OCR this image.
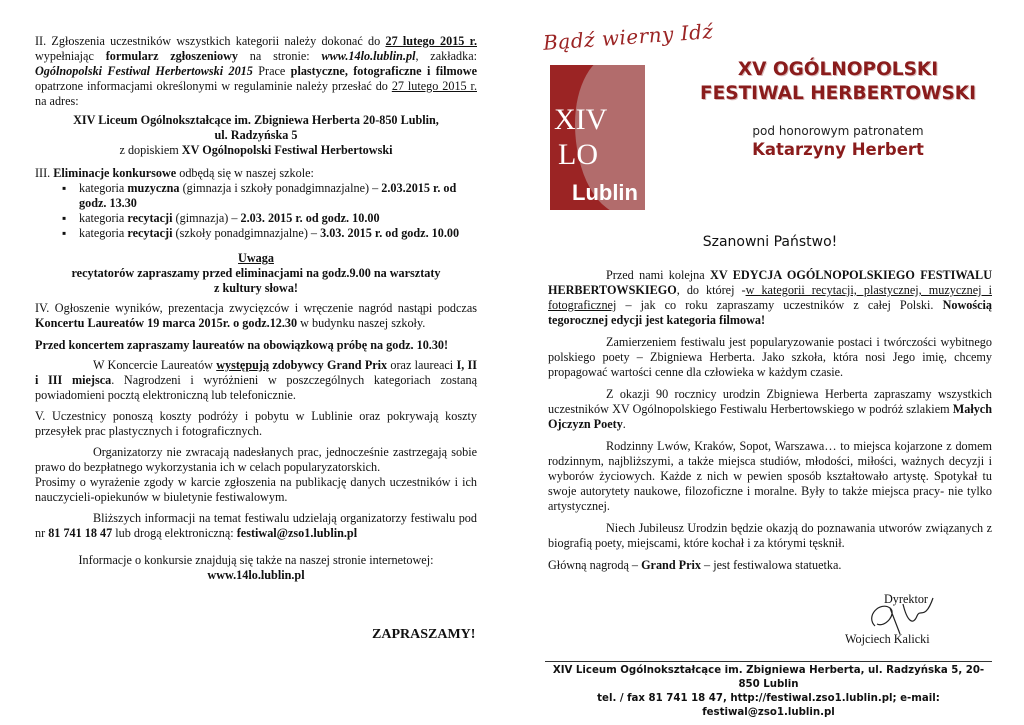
II. Zgłoszenia uczestników wszystkich kategorii należy dokonać do 27 lutego 2015 r. wypełniając formularz zgłoszeniowy na stronie: www.14lo.lublin.pl, zakładka: Ogólnopolski Festiwal Herbertowski 2015 Prace plastyczne, fotograficzne i filmowe opatrzone informacjami określonymi w regulaminie należy przesłać do 27 lutego 2015 r. na adres:

XIV Liceum Ogólnokształcące im. Zbigniewa Herberta 20-850 Lublin,

ul. Radzyńska 5

z dopiskiem XV Ogólnopolski Festiwal Herbertowski

III. Eliminacje konkursowe odbędą się w naszej szkole:

▪ kategoria muzyczna (gimnazja i szkoły ponadgimnazjalne) – 2.03.2015 r. od godz. 13.30
▪ kategoria recytacji (gimnazja) – 2.03. 2015 r. od godz. 10.00
▪ kategoria recytacji (szkoły ponadgimnazjalne) – 3.03. 2015 r. od godz. 10.00

Uwaga

recytatorów zapraszamy przed eliminacjami na godz.9.00 na warsztaty

z kultury słowa!

IV. Ogłoszenie wyników, prezentacja zwycięzców i wręczenie nagród nastąpi podczas Koncertu Laureatów 19 marca 2015r. o godz.12.30 w budynku naszej szkoły.

Przed koncertem zapraszamy laureatów na obowiązkową próbę na godz. 10.30!

W Koncercie Laureatów występują zdobywcy Grand Prix oraz laureaci I, II i III miejsca. Nagrodzeni i wyróżnieni w poszczególnych kategoriach zostaną powiadomieni pocztą elektroniczną lub telefonicznie.

V. Uczestnicy ponoszą koszty podróży i pobytu w Lublinie oraz pokrywają koszty przesyłek prac plastycznych i fotograficznych.

Organizatorzy nie zwracają nadesłanych prac, jednocześnie zastrzegają sobie prawo do bezpłatnego wykorzystania ich w celach popularyzatorskich.

Prosimy o wyrażenie zgody w karcie zgłoszenia na publikację danych uczestników i ich nauczycieli-opiekunów w biuletynie festiwalowym.

Bliższych informacji na temat festiwalu udzielają organizatorzy festiwalu pod nr 81 741 18 47 lub drogą elektroniczną: festiwal@zso1.lublin.pl

Informacje o konkursie znajdują się także na naszej stronie internetowej:

www.14lo.lublin.pl

ZAPRASZAMY!
Bądź wierny Idź
XIV
LO
Lublin
XV OGÓLNOPOLSKI
FESTIWAL HERBERTOWSKI
pod honorowym patronatem
Katarzyny Herbert
Szanowni Państwo!

Przed nami kolejna XV EDYCJA OGÓLNOPOLSKIEGO FESTIWALU HERBERTOWSKIEGO, do której -w kategorii recytacji, plastycznej, muzycznej i fotograficznej – jak co roku zapraszamy uczestników z całej Polski. Nowością tegorocznej edycji jest kategoria filmowa!

Zamierzeniem festiwalu jest popularyzowanie postaci i twórczości wybitnego polskiego poety – Zbigniewa Herberta. Jako szkoła, która nosi Jego imię, chcemy propagować wartości cenne dla człowieka w każdym czasie.

Z okazji 90 rocznicy urodzin Zbigniewa Herberta zapraszamy wszystkich uczestników XV Ogólnopolskiego Festiwalu Herbertowskiego w podróż szlakiem Małych Ojczyzn Poety.

Rodzinny Lwów, Kraków, Sopot, Warszawa… to miejsca kojarzone z domem rodzinnym, najbliższymi, a także miejsca studiów, młodości, miłości, ważnych decyzji i wyborów życiowych. Każde z nich w pewien sposób kształtowało artystę. Spotykał tu swoje autorytety naukowe, filozoficzne i moralne. Były to także miejsca pracy- nie tylko artystycznej.

Niech Jubileusz Urodzin będzie okazją do poznawania utworów związanych z biografią poety, miejscami, które kochał i za którymi tęsknił.

Główną nagrodą – Grand Prix – jest festiwalowa statuetka.

Dyrektor
Wojciech Kalicki
XIV Liceum Ogólnokształcące im. Zbigniewa Herberta, ul. Radzyńska 5, 20-850 Lublin
tel. / fax 81 741 18 47, http://festiwal.zso1.lublin.pl; e-mail: festiwal@zso1.lublin.pl
